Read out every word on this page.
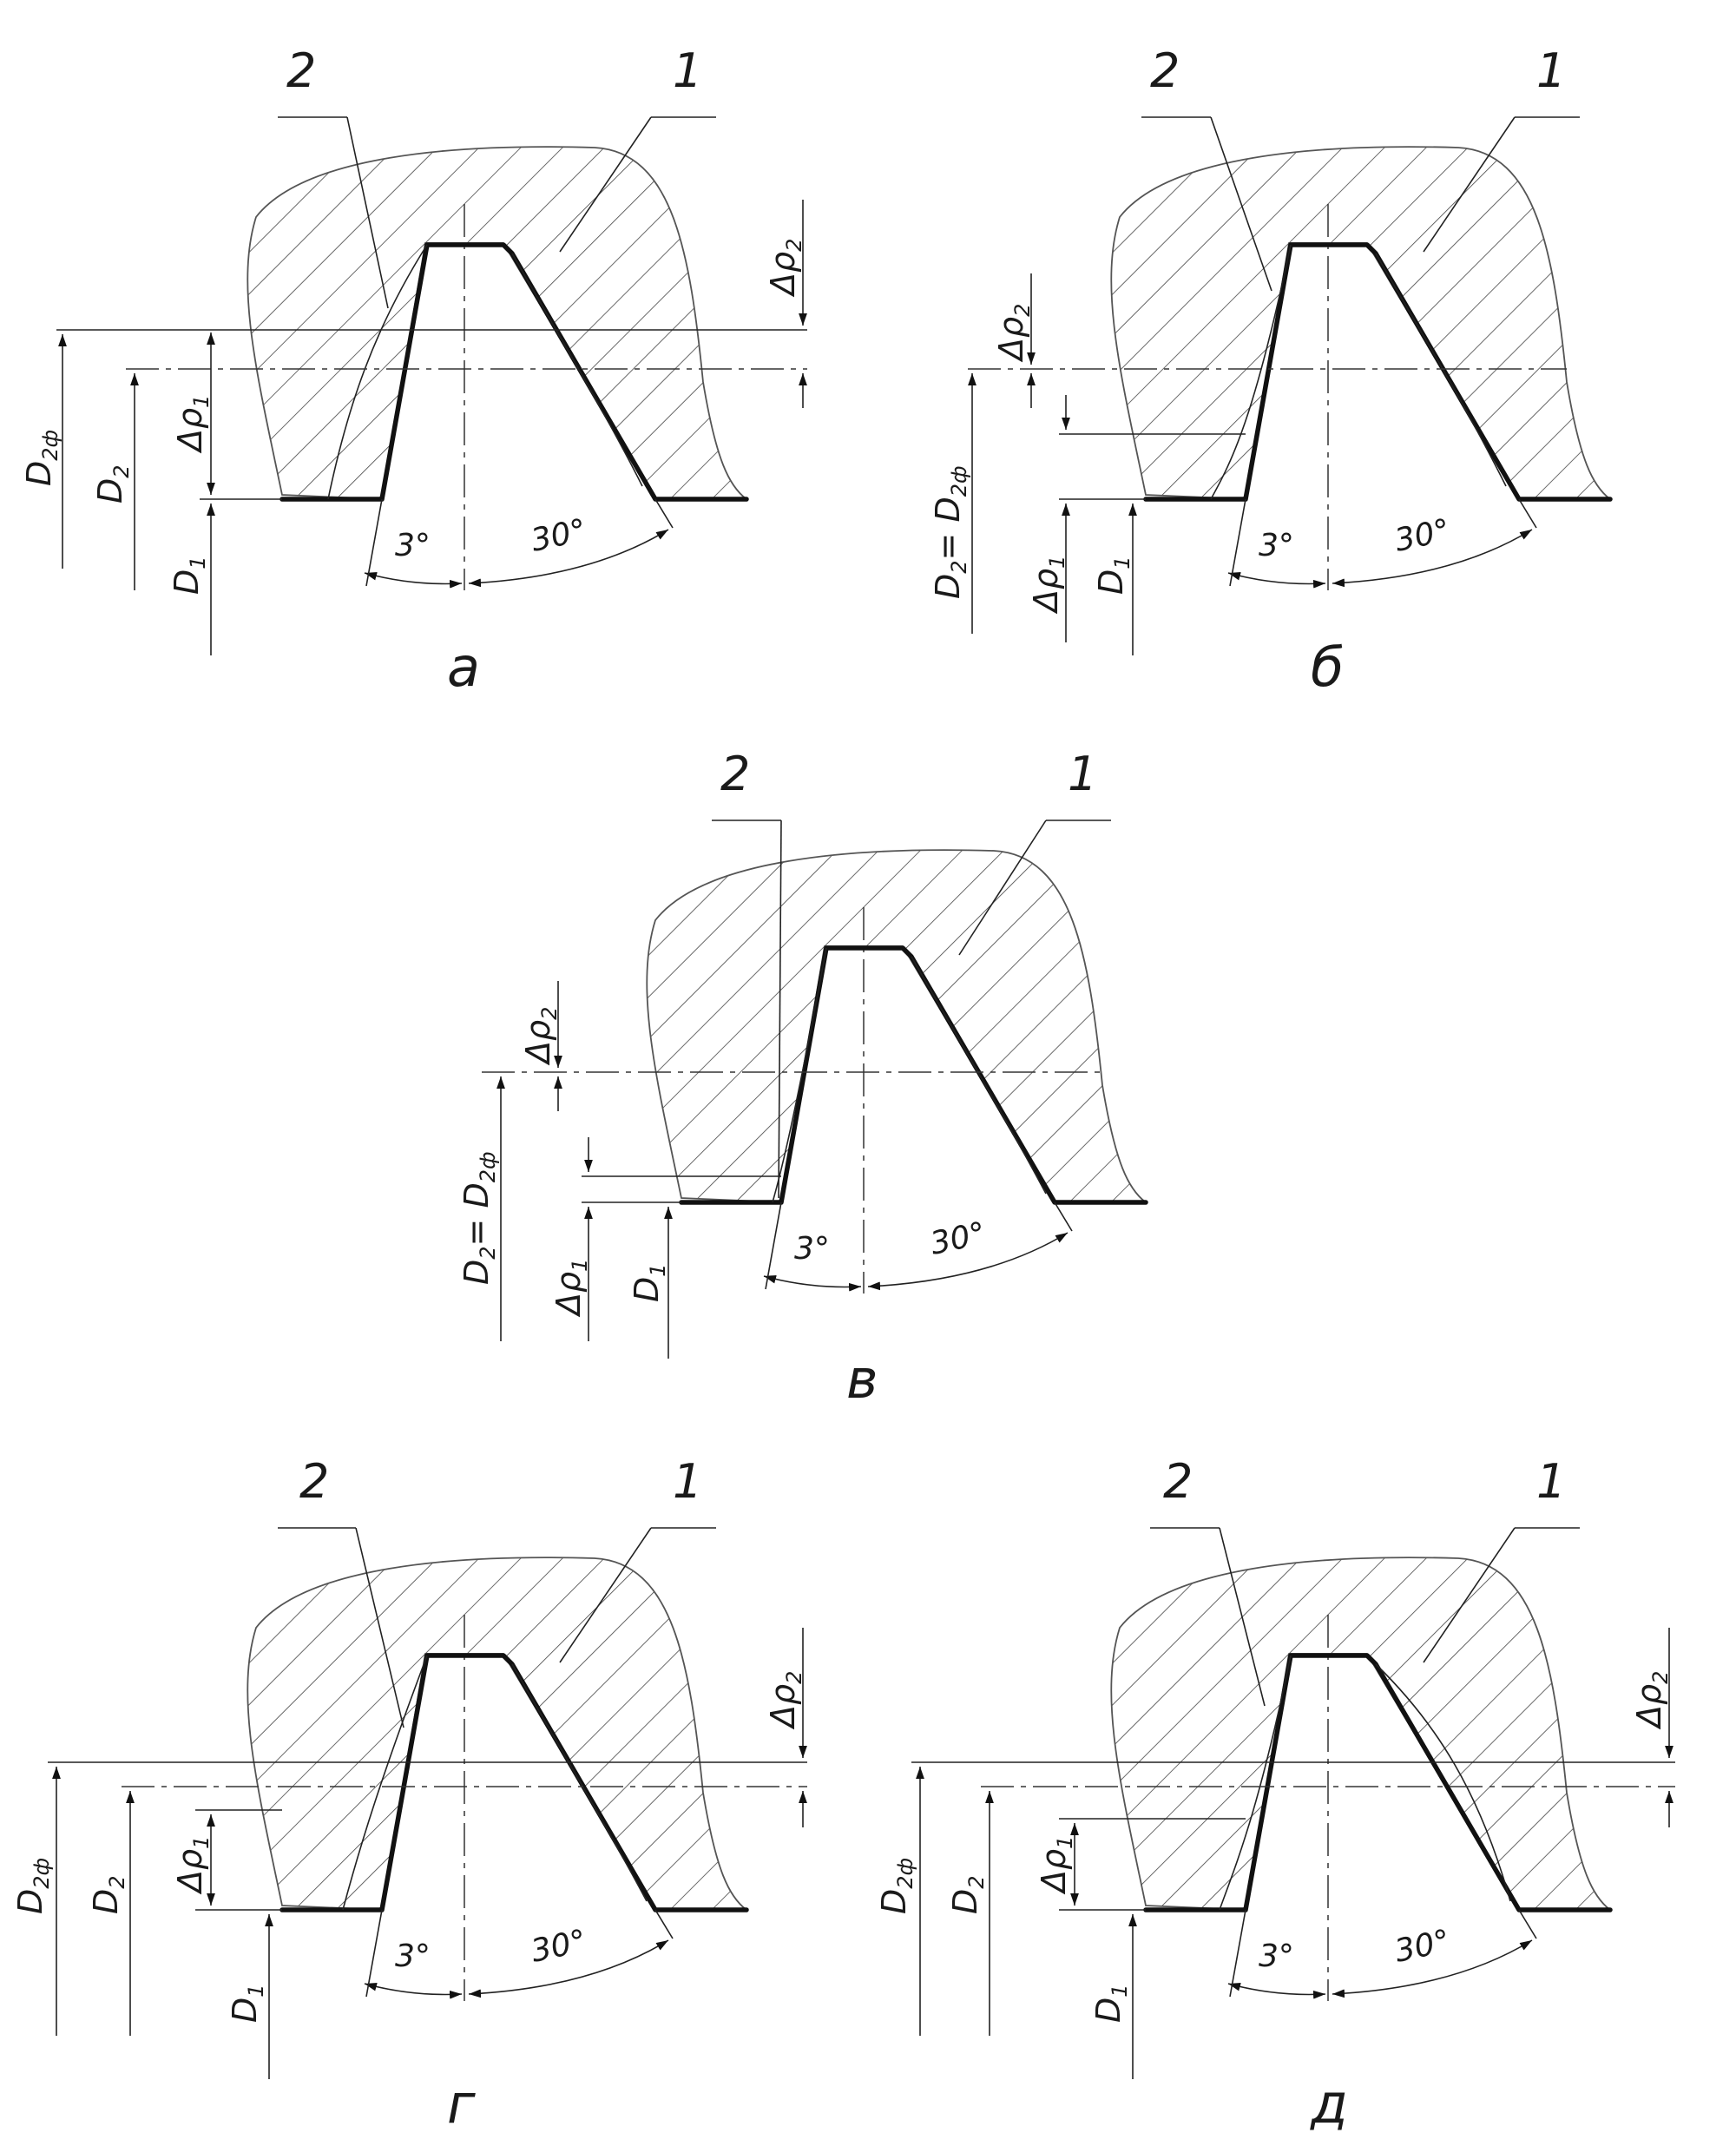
2	1
$D_{2ф}$
$D_2$
$\Delta\rho_1$
$D_1$
$\Delta\rho_2$
3°	30°
а
2	1
$D_2= D_{2ф}$
$\Delta\rho_2$
$\Delta\rho_1$
$D_1$	3°	30°
б
2	1
$D_2= D_{2ф}$
$\Delta\rho_2$
$\Delta\rho_1$
$D_1$
3°	30°
в
2	1
$D_{2ф}$
$D_2$ $\Delta\rho_1$
$D_1$
$\Delta\rho_2$
3°	30°
г
2	1
$D_{2ф}$
$D_2$ $\Delta\rho_1$
$D_1$
$\Delta\rho_2$
3°	30°
д
